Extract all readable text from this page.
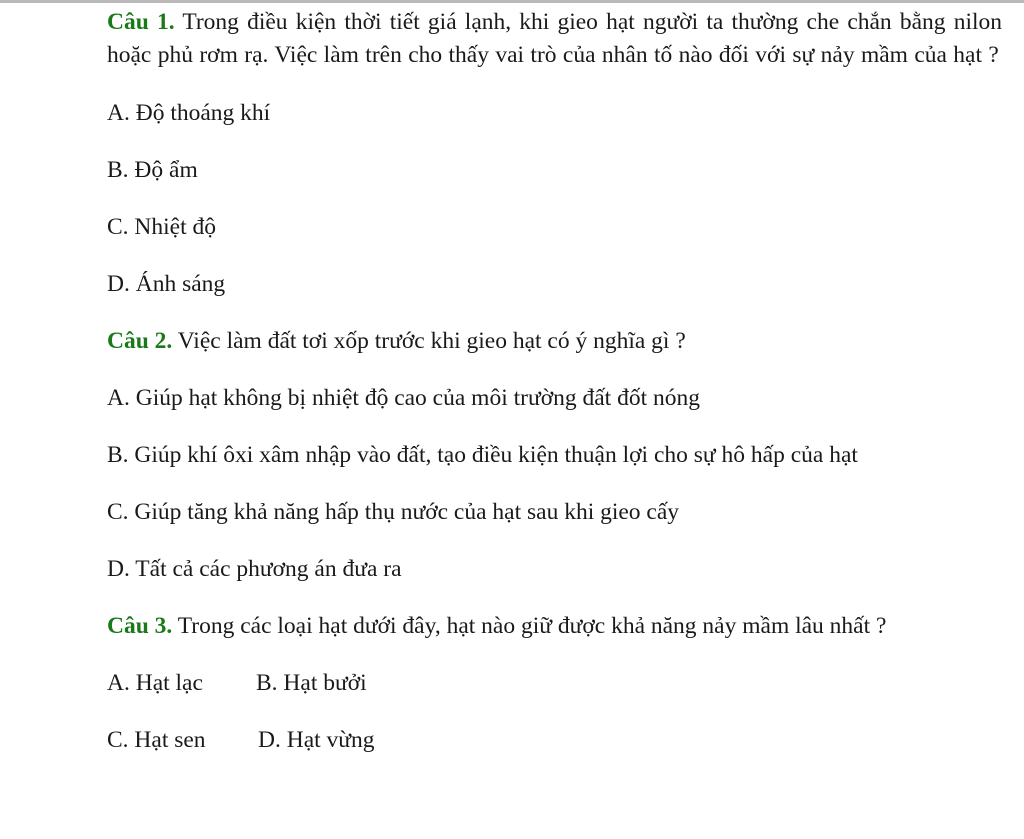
Câu 1. Trong điều kiện thời tiết giá lạnh, khi gieo hạt người ta thường che chắn bằng nilon hoặc phủ rơm rạ. Việc làm trên cho thấy vai trò của nhân tố nào đối với sự nảy mầm của hạt ?

A. Độ thoáng khí

B. Độ ẩm

C. Nhiệt độ

D. Ánh sáng

Câu 2. Việc làm đất tơi xốp trước khi gieo hạt có ý nghĩa gì ?

A. Giúp hạt không bị nhiệt độ cao của môi trường đất đốt nóng

B. Giúp khí ôxi xâm nhập vào đất, tạo điều kiện thuận lợi cho sự hô hấp của hạt

C. Giúp tăng khả năng hấp thụ nước của hạt sau khi gieo cấy

D. Tất cả các phương án đưa ra

Câu 3. Trong các loại hạt dưới đây, hạt nào giữ được khả năng nảy mầm lâu nhất ?

A. Hạt lạc B. Hạt bưởi

C. Hạt sen D. Hạt vừng
